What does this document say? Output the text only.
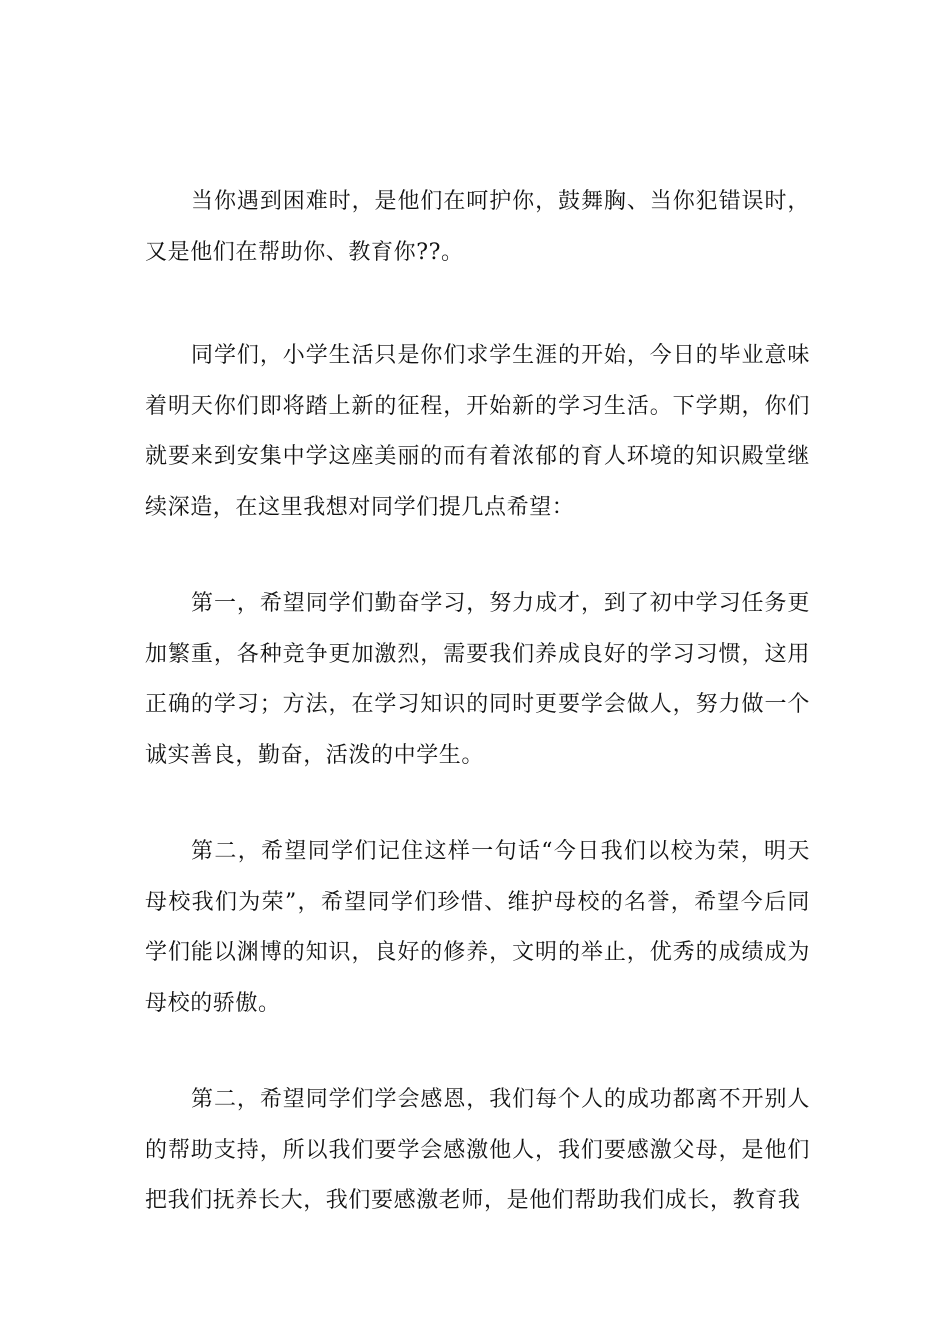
当你遇到困难时，是他们在呵护你，鼓舞胸、当你犯错误时，又是他们在帮助你、教育你??。

同学们，小学生活只是你们求学生涯的开始，今日的毕业意味着明天你们即将踏上新的征程，开始新的学习生活。下学期，你们就要来到安集中学这座美丽的而有着浓郁的育人环境的知识殿堂继续深造，在这里我想对同学们提几点希望：

第一，希望同学们勤奋学习，努力成才，到了初中学习任务更加繁重，各种竞争更加激烈，需要我们养成良好的学习习惯，这用正确的学习；方法，在学习知识的同时更要学会做人，努力做一个诚实善良，勤奋，活泼的中学生。

第二，希望同学们记住这样一句话“今日我们以校为荣，明天母校我们为荣”，希望同学们珍惜、维护母校的名誉，希望今后同学们能以渊博的知识，良好的修养，文明的举止，优秀的成绩成为母校的骄傲。

第二，希望同学们学会感恩，我们每个人的成功都离不开别人的帮助支持，所以我们要学会感激他人，我们要感激父母，是他们把我们抚养长大，我们要感激老师，是他们帮助我们成长，教育我
